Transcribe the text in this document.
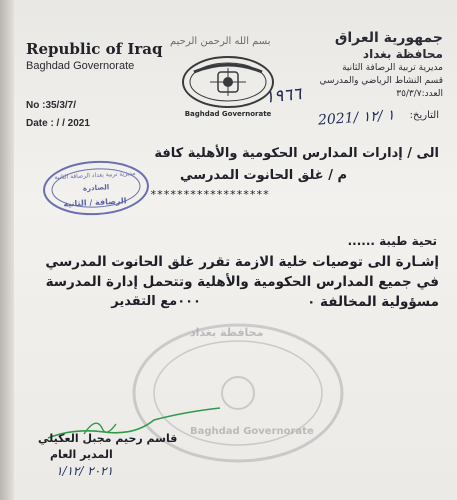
Republic of Iraq
Baghdad Governorate
No :35/3/7/
Date : / / 2021
بسم الله الرحمن الرحيم
Baghdad Governorate
جمهورية العراق
محافظة بغداد
مديرية تربية الرصافة الثانية
قسم النشاط الرياضي والمدرسي
العدد:٣٥/٣/٧
١٩٦٦
2021/ ١ /١٢ التاريخ:
مديرية تربية بغداد الرصافة الثانية
الصادرة
الرصافة / الثانية
الى / إدارات المدارس الحكومية والأهلية كافة
م / غلق الحانوت المدرسي
******************
تحية طيبة ......
إشـارة الى توصيات خلية الازمة تقرر غلق الحانوت المدرسي في جميع المدارس الحكومية والأهلية وتتحمل إدارة المدرسة مسؤولية المخالفة ٠
٠٠٠مع التقدير
محافظة بغداد
Baghdad Governorate
قاسم رحيم مجبل العكيلي
المدير العام
٢٠٢١ /١/١٢
